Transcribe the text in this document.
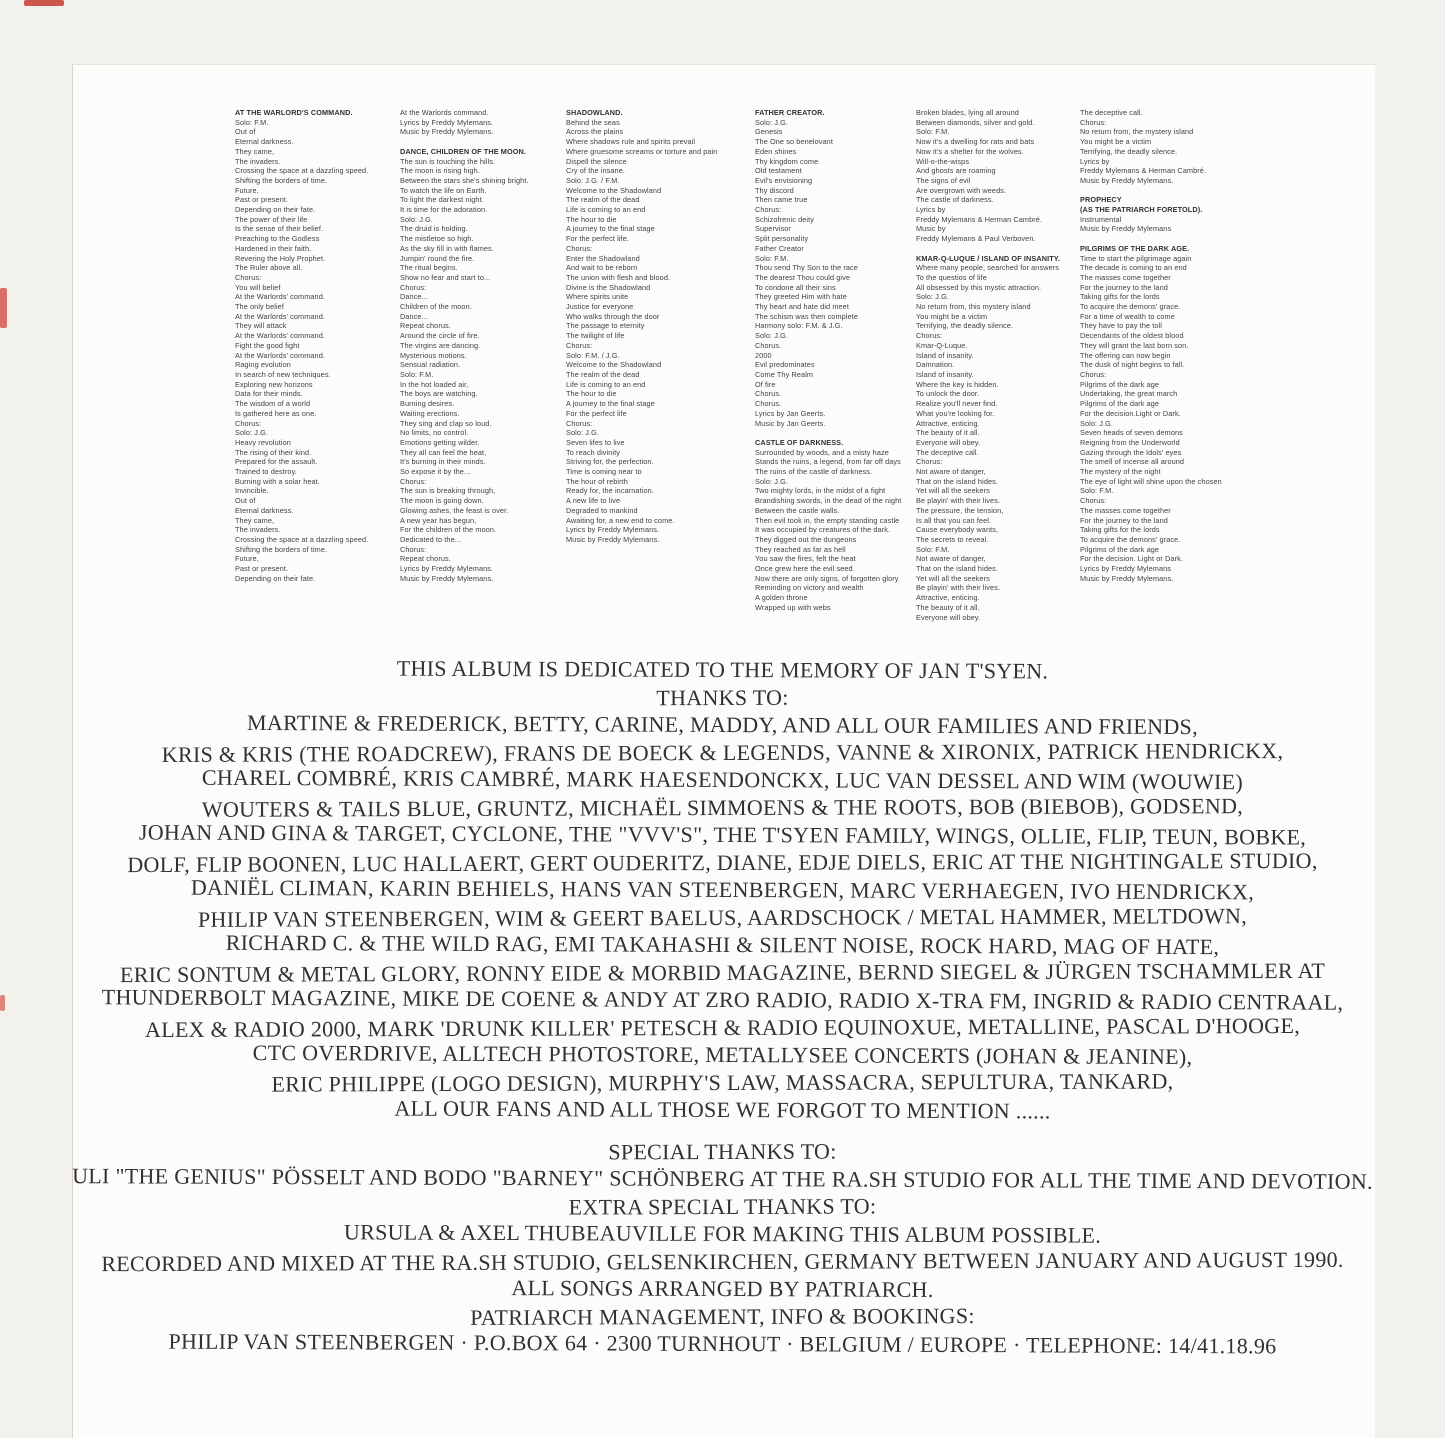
AT THE WARLORD'S COMMAND.
Solo: F.M.
Out of
Eternal darkness.
They came,
The invaders.
Crossing the space at a dazzling speed.
Shifting the borders of time.
Future,
Past or present.
Depending on their fate.
The power of their life
Is the sense of their belief.
Preaching to the Godless
Hardened in their faith.
Revering the Holy Prophet.
The Ruler above all.
Chorus:
You will belief
At the Warlords' command.
The only belief
At the Warlords' command.
They will attack
At the Warlords' command.
Fight the good fight
At the Warlords' command.
Raging evolution
In search of new techniques.
Exploring new horizons
Data for their minds.
The wisdom of a world
Is gathered here as one.
Chorus:
Solo: J.G.
Heavy revolution
The rising of their kind.
Prepared for the assault.
Trained to destroy.
Burning with a solar heat.
Invincible.
Out of
Eternal darkness.
They came,
The invaders.
Crossing the space at a dazzling speed.
Shifting the borders of time.
Future,
Past or present.
Depending on their fate.
At the Warlords command.
Lyrics by Freddy Mylemans.
Music by Freddy Mylemans.

DANCE, CHILDREN OF THE MOON.
The sun is touching the hills.
The moon is rising high.
Between the stars she's shining bright.
To watch the life on Earth.
To light the darkest night.
It is time for the adoration.
Solo: J.G.
The druid is holding.
The mistletoe so high.
As the sky fill in with flames.
Jumpin' round the fire.
The ritual begins.
Show no fear and start to...
Chorus:
Dance...
Children of the moon.
Dance...
Repeat chorus.
Around the circle of fire.
The virgins are dancing.
Mysterious motions.
Sensual radiation.
Solo: F.M.
In the hot loaded air,
The boys are watching.
Burning desires.
Waiting erections.
They sing and clap so loud.
No limits, no control.
Emotions getting wilder.
They all can feel the heat,
It's burning in their minds.
So expose it by the...
Chorus:
The sun is breaking through,
The moon is going down.
Glowing ashes, the feast is over.
A new year has begun,
For the children of the moon.
Dedicated to the...
Chorus:
Repeat chorus.
Lyrics by Freddy Mylemans.
Music by Freddy Mylemans.
SHADOWLAND.
Behind the seas
Across the plains
Where shadows rule and spirits prevail
Where gruesome screams or torture and pain
Dispell the silence
Cry of the insane.
Solo: J.G. / F.M.
Welcome to the Shadowland
The realm of the dead
Life is coming to an end
The hour to die
A journey to the final stage
For the perfect life.
Chorus:
Enter the Shadowland
And wait to be reborn
The union with flesh and blood.
Divine is the Shadowland
Where spirits unite
Justice for everyone
Who walks through the door
The passage to eternity
The twilight of life
Chorus:
Solo: F.M. / J.G.
Welcome to the Shadowland
The realm of the dead
Life is coming to an end
The hour to die
A journey to the final stage
For the perfect life
Chorus:
Solo: J.G.
Seven lifes to live
To reach divinity
Striving for, the perfection.
Time is coming near to
The hour of rebirth
Ready for, the incarnation.
A new life to live
Degraded to mankind
Awaiting for, a new end to come.
Lyrics by Freddy Mylemans.
Music by Freddy Mylemans.
FATHER CREATOR.
Solo: J.G.
Genesis
The One so benelovant
Eden shines
Thy kingdom come
Old testament
Evil's envisioning
Thy discord
Then came true
Chorus:
Schizofrenic deity
Supervisor
Split personality
Father Creator
Solo: F.M.
Thou send Thy Son to the race
The dearest Thou could give
To condone all their sins
They greeted Him with hate
Thy heart and hate did meet
The schism was then complete
Harmony solo: F.M. & J.G.
Solo: J.G.
Chorus.
2000
Evil predominates
Come Thy Realm
Of fire
Chorus.
Chorus.
Lyrics by Jan Geerts.
Music by Jan Geerts.

CASTLE OF DARKNESS.
Surrounded by woods, and a misty haze
Stands the ruins, a legend, from far off days
The ruins of the castle of darkness.
Solo: J.G.
Two mighty lords, in the midst of a fight
Brandishing swords, in the dead of the night
Between the castle walls.
Then evil took in, the empty standing castle
It was occupied by creatures of the dark.
They digged out the dungeons
They reached as far as hell
You saw the fires, felt the heat
Once grew here the evil seed.
Now there are only signs, of forgotten glory
Reminding on victory and wealth
A golden throne
Wrapped up with webs
Broken blades, lying all around
Between diamonds, silver and gold.
Solo: F.M.
Now it's a dwelling for rats and bats
Now it's a shelter for the wolves.
Will-o-the-wisps
And ghosts are roaming
The signs of evil
Are overgrown with weeds.
The castle of darkness.
Lyrics by
Freddy Mylemans & Herman Cambré.
Music by
Freddy Mylemans & Paul Verboven.

KMAR-Q-LUQUE / ISLAND OF INSANITY.
Where many people, searched for answers
To the questios of life
All obsessed by this mystic attraction.
Solo: J.G.
No return from, this mystery island
You might be a victim
Terrifying, the deadly silence.
Chorus:
Kmar-Q-Luque.
Island of insanity.
Damnation.
Island of insanity.
Where the key is hidden.
To unlock the door.
Realize you'll never find.
What you're looking for.
Attractive, enticing.
The beauty of it all.
Everyone will obey.
The deceptive call.
Chorus:
Not aware of danger,
That on the island hides.
Yet will all the seekers
Be playin' with their lives.
The pressure, the tension,
Is all that you can feel.
Cause everybody wants,
The secrets to reveal.
Solo: F.M.
Not aware of danger,
That on the island hides.
Yet will all the seekers
Be playin' with their lives.
Attractive, enticing.
The beauty of it all.
Everyone will obey.
The deceptive call.
Chorus:
No return from, the mystery island
You might be a victim
Terrifying, the deadly silence.
Lyrics by
Freddy Mylemans & Herman Cambré.
Music by Freddy Mylemans.

PROPHECY
(AS THE PATRIARCH FORETOLD).
Instrumental
Music by Freddy Mylemans

PILGRIMS OF THE DARK AGE.
Time to start the pilgrimage again
The decade is coming to an end
The masses come together
For the journey to the land
Taking gifts for the lords
To acquire the demons' grace.
For a time of wealth to come
They have to pay the toll
Decendants of the oldest blood
They will grant the last born son.
The offering can now begin
The dusk of night begins to fall.
Chorus:
Pilgrims of the dark age
Undertaking, the great march
Pilgrims of the dark age
For the decision.Light or Dark.
Solo: J.G.
Seven heads of seven demons
Reigning from the Underworld
Gazing through the Idols' eyes
The smell of incense all around
The mystery of the night
The eye of light will shine upon the chosen
Solo: F.M.
Chorus:
The masses come together
For the journey to the land
Taking gifts for the lords
To acquire the demons' grace.
Pilgrims of the dark age
For the decision. Light or Dark.
Lyrics by Freddy Mylemans
Music by Freddy Mylemans.
THIS ALBUM IS DEDICATED TO THE MEMORY OF JAN T'SYEN.
THANKS TO:
MARTINE & FREDERICK, BETTY, CARINE, MADDY, AND ALL OUR FAMILIES AND FRIENDS,
KRIS & KRIS (THE ROADCREW), FRANS DE BOECK & LEGENDS, VANNE & XIRONIX, PATRICK HENDRICKX,
CHAREL COMBRÉ, KRIS CAMBRÉ, MARK HAESENDONCKX, LUC VAN DESSEL AND WIM (WOUWIE)
WOUTERS & TAILS BLUE, GRUNTZ, MICHAËL SIMMOENS & THE ROOTS, BOB (BIEBOB), GODSEND,
JOHAN AND GINA & TARGET, CYCLONE, THE "VVV'S", THE T'SYEN FAMILY, WINGS, OLLIE, FLIP, TEUN, BOBKE,
DOLF, FLIP BOONEN, LUC HALLAERT, GERT OUDERITZ, DIANE, EDJE DIELS, ERIC AT THE NIGHTINGALE STUDIO,
DANIËL CLIMAN, KARIN BEHIELS, HANS VAN STEENBERGEN, MARC VERHAEGEN, IVO HENDRICKX,
PHILIP VAN STEENBERGEN, WIM & GEERT BAELUS, AARDSCHOCK / METAL HAMMER, MELTDOWN,
RICHARD C. & THE WILD RAG, EMI TAKAHASHI & SILENT NOISE, ROCK HARD, MAG OF HATE,
ERIC SONTUM & METAL GLORY, RONNY EIDE & MORBID MAGAZINE, BERND SIEGEL & JÜRGEN TSCHAMMLER AT
THUNDERBOLT MAGAZINE, MIKE DE COENE & ANDY AT ZRO RADIO, RADIO X-TRA FM, INGRID & RADIO CENTRAAL,
ALEX & RADIO 2000, MARK 'DRUNK KILLER' PETESCH & RADIO EQUINOXUE, METALLINE, PASCAL D'HOOGE,
CTC OVERDRIVE, ALLTECH PHOTOSTORE, METALLYSEE CONCERTS (JOHAN & JEANINE),
ERIC PHILIPPE (LOGO DESIGN), MURPHY'S LAW, MASSACRA, SEPULTURA, TANKARD,
ALL OUR FANS AND ALL THOSE WE FORGOT TO MENTION ......
SPECIAL THANKS TO:
ULI "THE GENIUS" PÖSSELT AND BODO "BARNEY" SCHÖNBERG AT THE RA.SH STUDIO FOR ALL THE TIME AND DEVOTION.
EXTRA SPECIAL THANKS TO:
URSULA & AXEL THUBEAUVILLE FOR MAKING THIS ALBUM POSSIBLE.
RECORDED AND MIXED AT THE RA.SH STUDIO, GELSENKIRCHEN, GERMANY BETWEEN JANUARY AND AUGUST 1990.
ALL SONGS ARRANGED BY PATRIARCH.
PATRIARCH MANAGEMENT, INFO & BOOKINGS:
PHILIP VAN STEENBERGEN · P.O.BOX 64 · 2300 TURNHOUT · BELGIUM / EUROPE · TELEPHONE: 14/41.18.96
